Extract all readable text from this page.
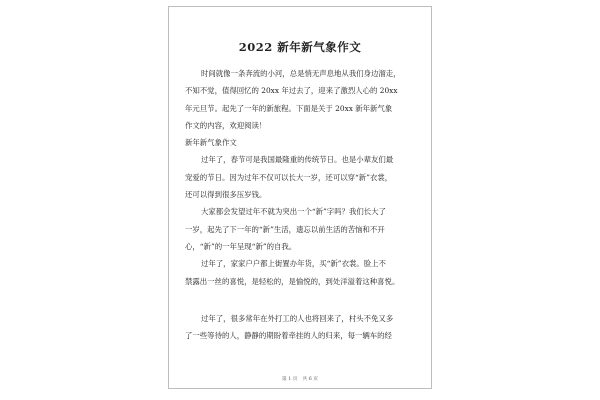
2022 新年新气象作文
时间就像一条奔流的小河，总是悄无声息地从我们身边溜走，
不知不觉，值得回忆的 20xx 年过去了，迎来了激烈人心的 20xx
年元旦节。起先了一年的新旅程。下面是关于 20xx 新年新气象
作文的内容，欢迎阅读！
新年新气象作文
过年了，春节可是我国最隆重的传统节日。也是小辈友们最
宠爱的节日。因为过年不仅可以长大一岁，还可以穿“新”衣裳，
还可以得到很多压岁钱。
大家都会发望过年不就为突出一个“新”字吗？我们长大了
一岁，起先了下一年的“新”生活，遗忘以前生活的苦恼和不开
心，“新”的一年呈现“新”的自我。
过年了，家家户户都上街置办年货，买“新”衣裳。脸上不
禁露出一丝的喜悦，是轻松的，是愉悦的，到处洋溢着这种喜悦。
过年了，很多常年在外打工的人也将回来了，村头不免又多
了一些等待的人，静静的期盼着牵挂的人的归来，每一辆车的经
第 1 页　共 6 页
